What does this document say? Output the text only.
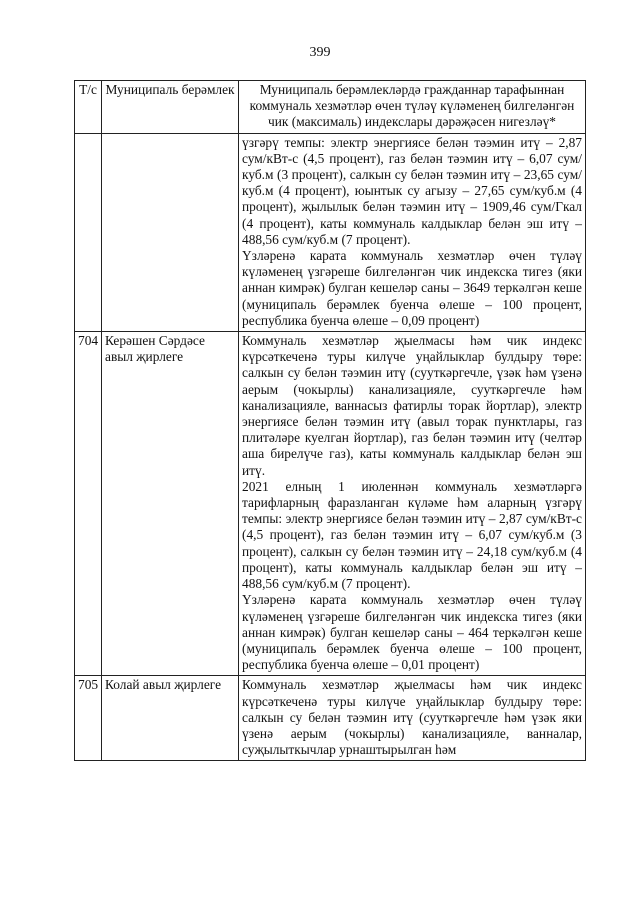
399
Т/с	Муниципаль берәмлек	Муниципаль берәмлекләрдә гражданнар тарафыннан коммуналь хезмәтләр өчен түләү күләменең билгеләнгән чик (максималь) индекслары дәрәҗәсен нигезләү*

		үзгәрү темпы: электр энергиясе белән тәэмин итү – 2,87 сум/кВт-с (4,5 процент), газ белән тәэмин итү – 6,07 сум/куб.м (3 процент), салкын су белән тәэмин итү – 23,65 сум/куб.м (4 процент), юынтык су агызу – 27,65 сум/куб.м (4 процент), җылылык белән тәэмин итү – 1909,46 сум/Гкал (4 процент), каты коммуналь калдыклар белән эш итү – 488,56 сум/куб.м (7 процент).
Үзләренә карата коммуналь хезмәтләр өчен түләү күләменең үзгәреше билгеләнгән чик индекска тигез (яки аннан кимрәк) булган кешеләр саны – 3649 теркәлгән кеше (муниципаль берәмлек буенча өлеше – 100 процент, республика буенча өлеше – 0,09 процент)

704	Керәшен Сәрдәсе авыл җирлеге	Коммуналь хезмәтләр җыелмасы һәм чик индекс күрсәткеченә туры килүче уңайлыклар булдыру төре: салкын су белән тәэмин итү (сууткәргечле, үзәк һәм үзенә аерым (чокырлы) канализацияле, сууткәргечле һәм канализацияле, ваннасыз фатирлы торак йортлар), электр энергиясе белән тәэмин итү (авыл торак пунктлары, газ плитәләре куелган йортлар), газ белән тәэмин итү (челтәр аша бирелүче газ), каты коммуналь калдыклар белән эш итү.
2021 елның 1 июленнән коммуналь хезмәтләргә тарифларның фаразланган күләме һәм аларның үзгәрү темпы: электр энергиясе белән тәэмин итү – 2,87 сум/кВт-с (4,5 процент), газ белән тәэмин итү – 6,07 сум/куб.м (3 процент), салкын су белән тәэмин итү – 24,18 сум/куб.м (4 процент), каты коммуналь калдыклар белән эш итү – 488,56 сум/куб.м (7 процент).
Үзләренә карата коммуналь хезмәтләр өчен түләү күләменең үзгәреше билгеләнгән чик индекска тигез (яки аннан кимрәк) булган кешеләр саны – 464 теркәлгән кеше (муниципаль берәмлек буенча өлеше – 100 процент, республика буенча өлеше – 0,01 процент)

705	Колай авыл җирлеге	Коммуналь хезмәтләр җыелмасы һәм чик индекс күрсәткеченә туры килүче уңайлыклар булдыру төре: салкын су белән тәэмин итү (сууткәргечле һәм үзәк яки үзенә аерым (чокырлы) канализацияле, ванналар, суҗылыткычлар урнаштырылган һәм
